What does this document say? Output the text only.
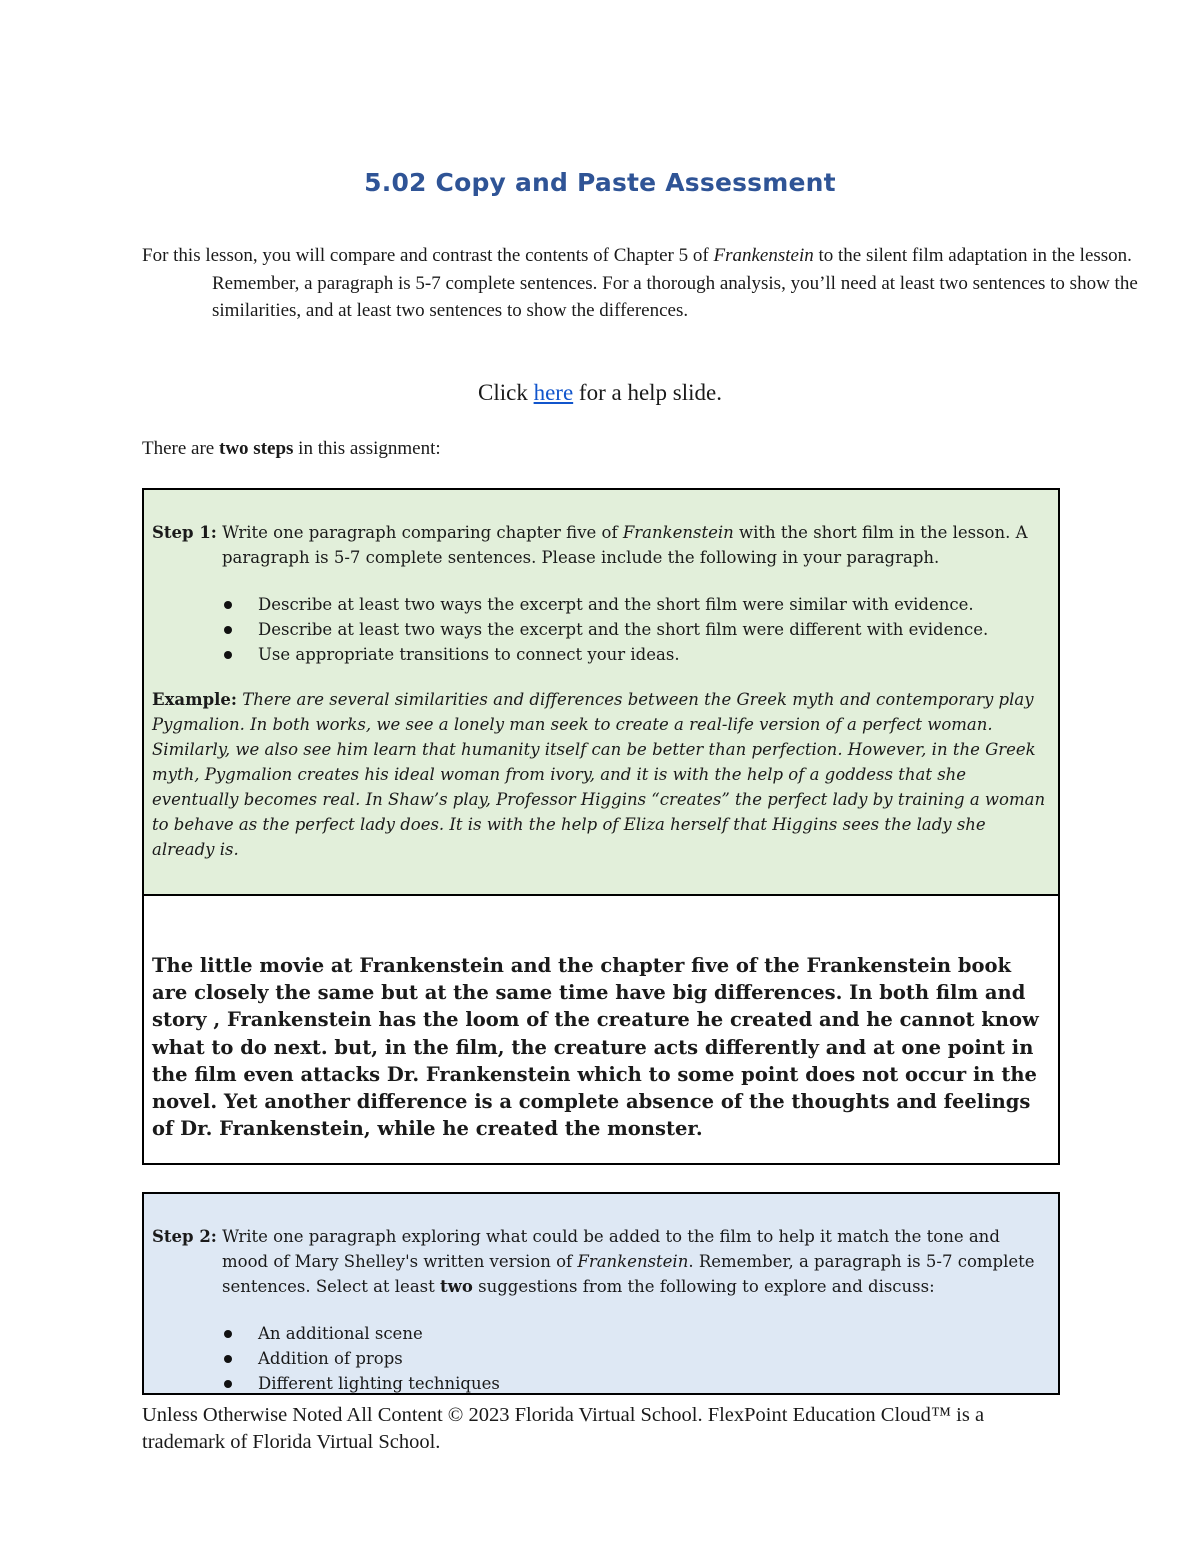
5.02 Copy and Paste Assessment
For this lesson, you will compare and contrast the contents of Chapter 5 of Frankenstein to the silent film adaptation in the lesson. Remember, a paragraph is 5-7 complete sentences. For a thorough analysis, you’ll need at least two sentences to show the similarities, and at least two sentences to show the differences.
Click here for a help slide.
There are two steps in this assignment:
Step 1: Write one paragraph comparing chapter five of Frankenstein with the short film in the lesson. A paragraph is 5-7 complete sentences. Please include the following in your paragraph.
Describe at least two ways the excerpt and the short film were similar with evidence.
Describe at least two ways the excerpt and the short film were different with evidence.
Use appropriate transitions to connect your ideas.
Example: There are several similarities and differences between the Greek myth and contemporary play Pygmalion. In both works, we see a lonely man seek to create a real-life version of a perfect woman. Similarly, we also see him learn that humanity itself can be better than perfection. However, in the Greek myth, Pygmalion creates his ideal woman from ivory, and it is with the help of a goddess that she eventually becomes real. In Shaw’s play, Professor Higgins “creates” the perfect lady by training a woman to behave as the perfect lady does. It is with the help of Eliza herself that Higgins sees the lady she already is.
The little movie at Frankenstein and the chapter five of the Frankenstein book are closely the same but at the same time have big differences. In both film and story , Frankenstein has the loom of the creature he created and he cannot know what to do next. but, in the film, the creature acts differently and at one point in the film even attacks Dr. Frankenstein which to some point does not occur in the novel. Yet another difference is a complete absence of the thoughts and feelings of Dr. Frankenstein, while he created the monster.
Step 2: Write one paragraph exploring what could be added to the film to help it match the tone and mood of Mary Shelley's written version of Frankenstein. Remember, a paragraph is 5-7 complete sentences. Select at least two suggestions from the following to explore and discuss:
An additional scene
Addition of props
Different lighting techniques
Unless Otherwise Noted All Content © 2023 Florida Virtual School. FlexPoint Education Cloud™ is a trademark of Florida Virtual School.
